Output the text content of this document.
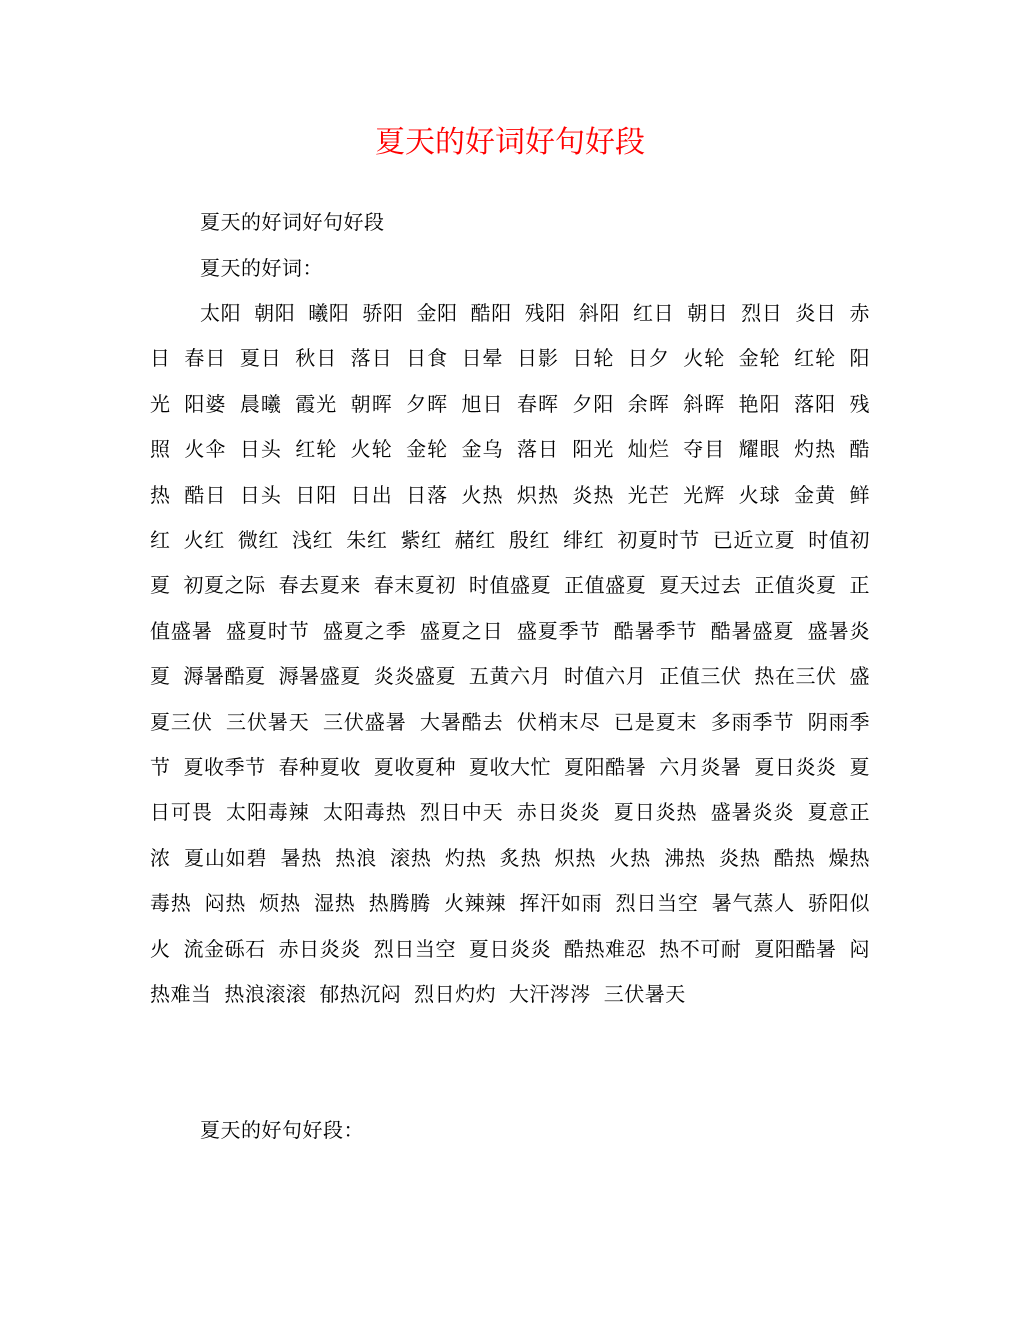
夏天的好词好句好段
夏天的好词好句好段
夏天的好词：
太阳 朝阳 曦阳 骄阳 金阳 酷阳 残阳 斜阳 红日 朝日 烈日 炎日 赤日 春日 夏日 秋日 落日 日食 日晕 日影 日轮 日夕 火轮 金轮 红轮 阳光 阳婆 晨曦 霞光 朝晖 夕晖 旭日 春晖 夕阳 余晖 斜晖 艳阳 落阳 残照 火伞 日头 红轮 火轮 金轮 金乌 落日 阳光 灿烂 夺目 耀眼 灼热 酷热 酷日 日头 日阳 日出 日落 火热 炽热 炎热 光芒 光辉 火球 金黄 鲜红 火红 微红 浅红 朱红 紫红 赭红 殷红 绯红 初夏时节 已近立夏 时值初夏 初夏之际 春去夏来 春末夏初 时值盛夏 正值盛夏 夏天过去 正值炎夏 正值盛暑 盛夏时节 盛夏之季 盛夏之日 盛夏季节 酷暑季节 酷暑盛夏 盛暑炎夏 溽暑酷夏 溽暑盛夏 炎炎盛夏 五黄六月 时值六月 正值三伏 热在三伏 盛夏三伏 三伏暑天 三伏盛暑 大暑酷去 伏梢末尽 已是夏末 多雨季节 阴雨季节 夏收季节 春种夏收 夏收夏种 夏收大忙 夏阳酷暑 六月炎暑 夏日炎炎 夏日可畏 太阳毒辣 太阳毒热 烈日中天 赤日炎炎 夏日炎热 盛暑炎炎 夏意正浓 夏山如碧 暑热 热浪 滚热 灼热 炙热 炽热 火热 沸热 炎热 酷热 燥热 毒热 闷热 烦热 湿热 热腾腾 火辣辣 挥汗如雨 烈日当空 暑气蒸人 骄阳似火 流金砾石 赤日炎炎 烈日当空 夏日炎炎 酷热难忍 热不可耐 夏阳酷暑 闷热难当 热浪滚滚 郁热沉闷 烈日灼灼 大汗涔涔 三伏暑天
夏天的好句好段：
